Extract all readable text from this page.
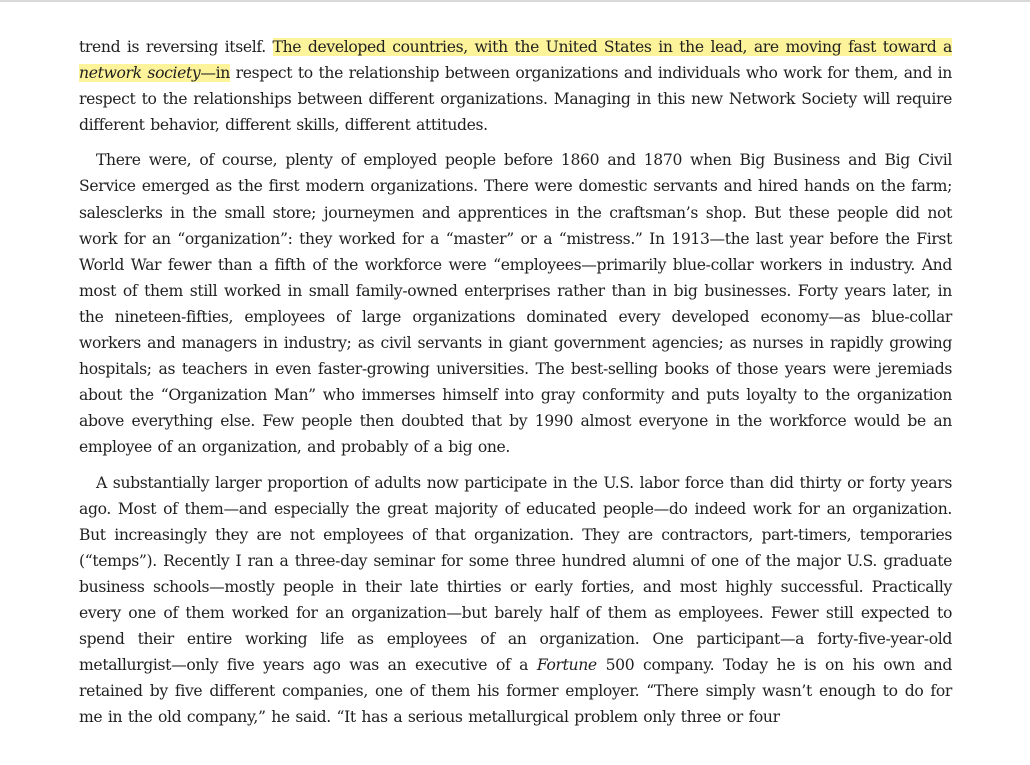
trend is reversing itself. The developed countries, with the United States in the lead, are moving fast toward a network society—in respect to the relationship between organizations and individuals who work for them, and in respect to the relationships between different organizations. Managing in this new Network Society will require different behavior, different skills, different attitudes.

There were, of course, plenty of employed people before 1860 and 1870 when Big Business and Big Civil Service emerged as the first modern organizations. There were domestic servants and hired hands on the farm; salesclerks in the small store; journeymen and apprentices in the craftsman’s shop. But these people did not work for an “organization”: they worked for a “master” or a “mistress.” In 1913—the last year before the First World War fewer than a fifth of the workforce were “employees—primarily blue-collar workers in industry. And most of them still worked in small family-owned enterprises rather than in big businesses. Forty years later, in the nineteen-fifties, employees of large organizations dominated every developed economy—as blue-collar workers and managers in industry; as civil servants in giant government agencies; as nurses in rapidly growing hospitals; as teachers in even faster-growing universities. The best-selling books of those years were jeremiads about the “Organization Man” who immerses himself into gray conformity and puts loyalty to the organization above everything else. Few people then doubted that by 1990 almost everyone in the workforce would be an employee of an organization, and probably of a big one.

A substantially larger proportion of adults now participate in the U.S. labor force than did thirty or forty years ago. Most of them—and especially the great majority of educated people—do indeed work for an organization. But increasingly they are not employees of that organization. They are contractors, part-timers, temporaries (“temps”). Recently I ran a three-day seminar for some three hundred alumni of one of the major U.S. graduate business schools—mostly people in their late thirties or early forties, and most highly successful. Practically every one of them worked for an organization—but barely half of them as employees. Fewer still expected to spend their entire working life as employees of an organization. One participant—a forty-five-year-old metallurgist—only five years ago was an executive of a Fortune 500 company. Today he is on his own and retained by five different companies, one of them his former employer. “There simply wasn’t enough to do for me in the old company,” he said. “It has a serious metallurgical problem only three or four
